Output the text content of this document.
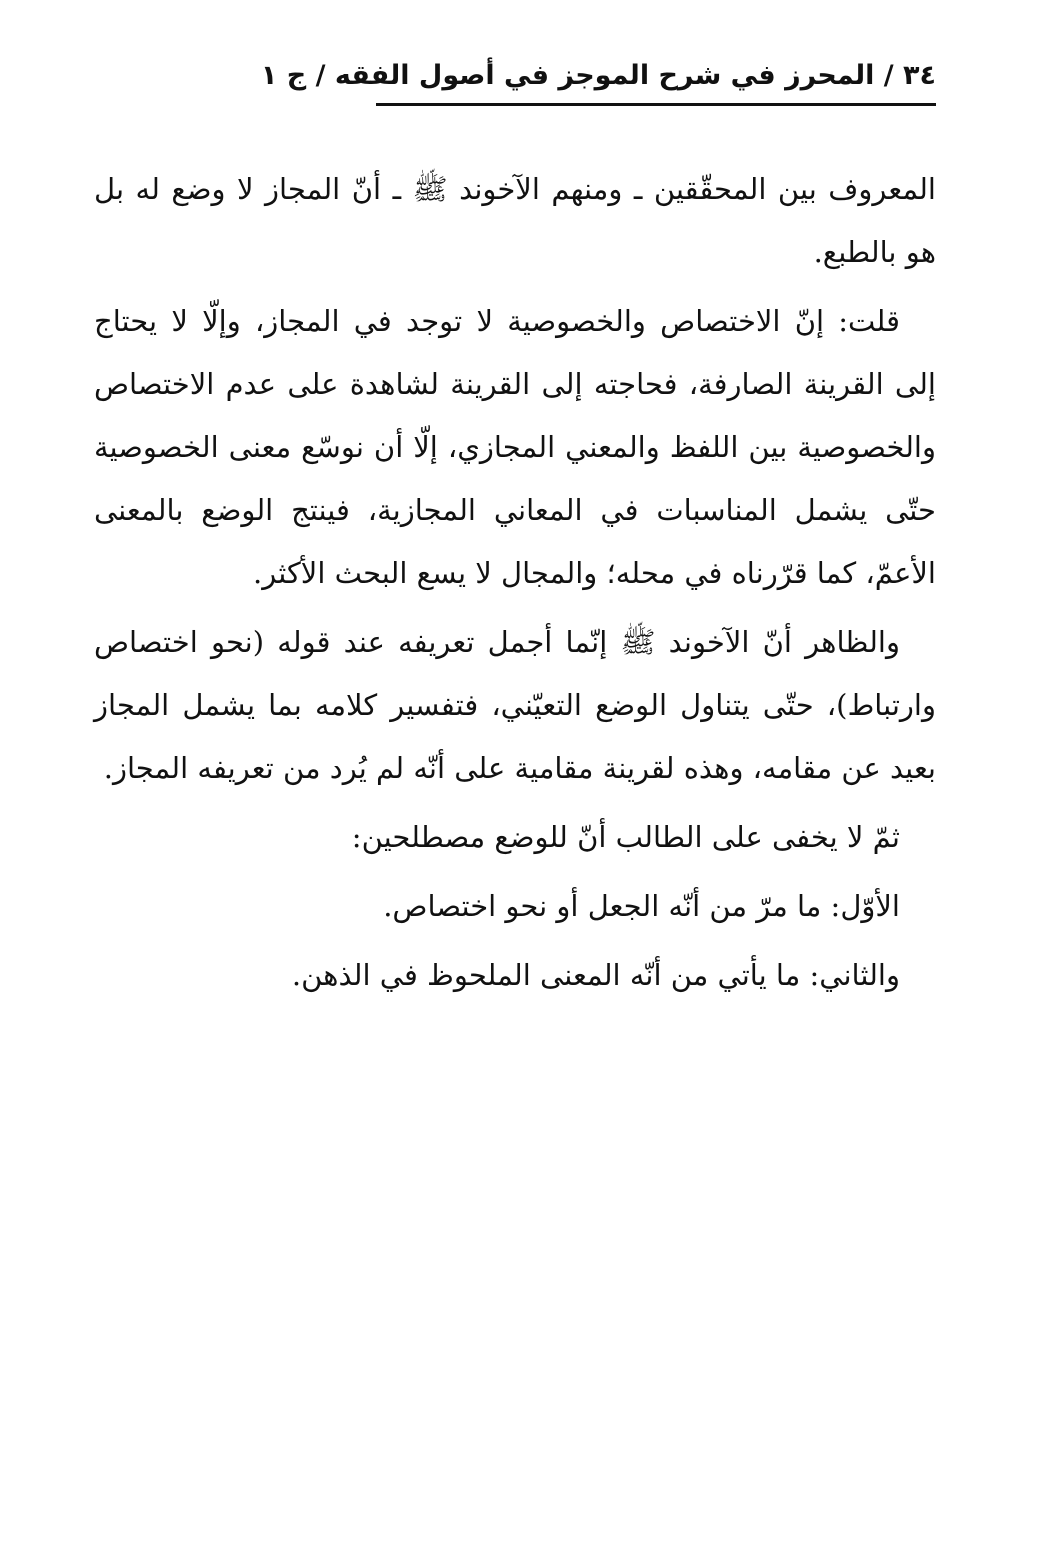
٣٤ / المحرز في شرح الموجز في أصول الفقه / ج ١

المعروف بين المحقّقين ـ ومنهم الآخوند ﷺ ـ أنّ المجاز لا وضع له بل هو بالطبع.

قلت: إنّ الاختصاص والخصوصية لا توجد في المجاز، وإلّا لا يحتاج إلى القرينة الصارفة، فحاجته إلى القرينة لشاهدة على عدم الاختصاص والخصوصية بين اللفظ والمعني المجازي، إلّا أن نوسّع معنى الخصوصية حتّى يشمل المناسبات في المعاني المجازية، فينتج الوضع بالمعنى الأعمّ، كما قرّرناه في محله؛ والمجال لا يسع البحث الأكثر.

والظاهر أنّ الآخوند ﷺ إنّما أجمل تعريفه عند قوله (نحو اختصاص وارتباط)، حتّى يتناول الوضع التعيّني، فتفسير كلامه بما يشمل المجاز بعيد عن مقامه، وهذه لقرينة مقامية على أنّه لم يُرد من تعريفه المجاز.

ثمّ لا يخفى على الطالب أنّ للوضع مصطلحين:

الأوّل: ما مرّ من أنّه الجعل أو نحو اختصاص.

والثاني: ما يأتي من أنّه المعنى الملحوظ في الذهن.
